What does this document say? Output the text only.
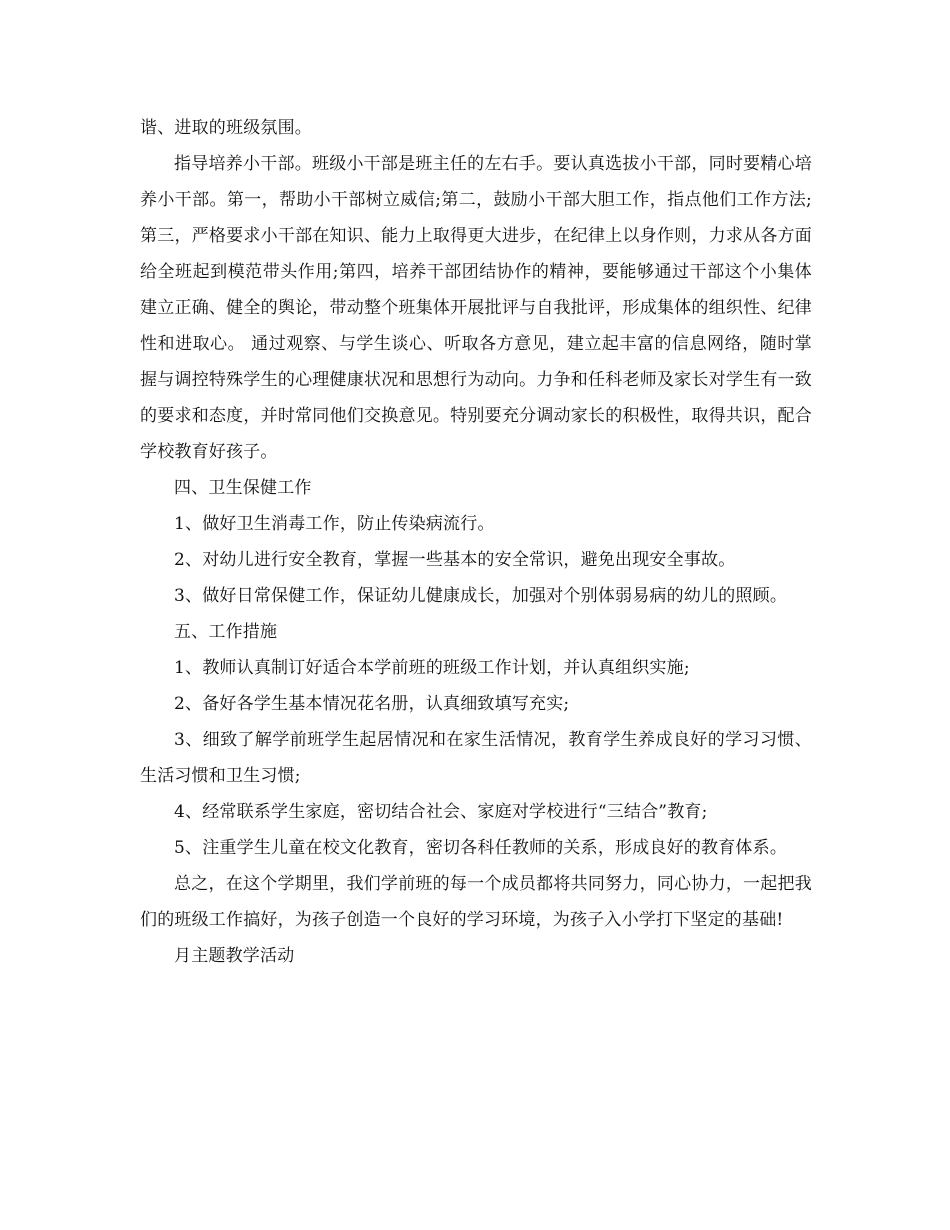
谐、进取的班级氛围。

指导培养小干部。班级小干部是班主任的左右手。要认真选拔小干部，同时要精心培养小干部。第一，帮助小干部树立威信;第二，鼓励小干部大胆工作，指点他们工作方法;第三，严格要求小干部在知识、能力上取得更大进步，在纪律上以身作则，力求从各方面给全班起到模范带头作用;第四，培养干部团结协作的精神，要能够通过干部这个小集体建立正确、健全的舆论，带动整个班集体开展批评与自我批评，形成集体的组织性、纪律性和进取心。 通过观察、与学生谈心、听取各方意见，建立起丰富的信息网络，随时掌握与调控特殊学生的心理健康状况和思想行为动向。力争和任科老师及家长对学生有一致的要求和态度，并时常同他们交换意见。特别要充分调动家长的积极性，取得共识，配合学校教育好孩子。

四、卫生保健工作

1、做好卫生消毒工作，防止传染病流行。

2、对幼儿进行安全教育，掌握一些基本的安全常识，避免出现安全事故。

3、做好日常保健工作，保证幼儿健康成长，加强对个别体弱易病的幼儿的照顾。

五、工作措施

1、教师认真制订好适合本学前班的班级工作计划，并认真组织实施;

2、备好各学生基本情况花名册，认真细致填写充实;

3、细致了解学前班学生起居情况和在家生活情况，教育学生养成良好的学习习惯、生活习惯和卫生习惯;

4、经常联系学生家庭，密切结合社会、家庭对学校进行“三结合”教育;

5、注重学生儿童在校文化教育，密切各科任教师的关系，形成良好的教育体系。

总之，在这个学期里，我们学前班的每一个成员都将共同努力，同心协力，一起把我们的班级工作搞好，为孩子创造一个良好的学习环境，为孩子入小学打下坚定的基础!

月主题教学活动
